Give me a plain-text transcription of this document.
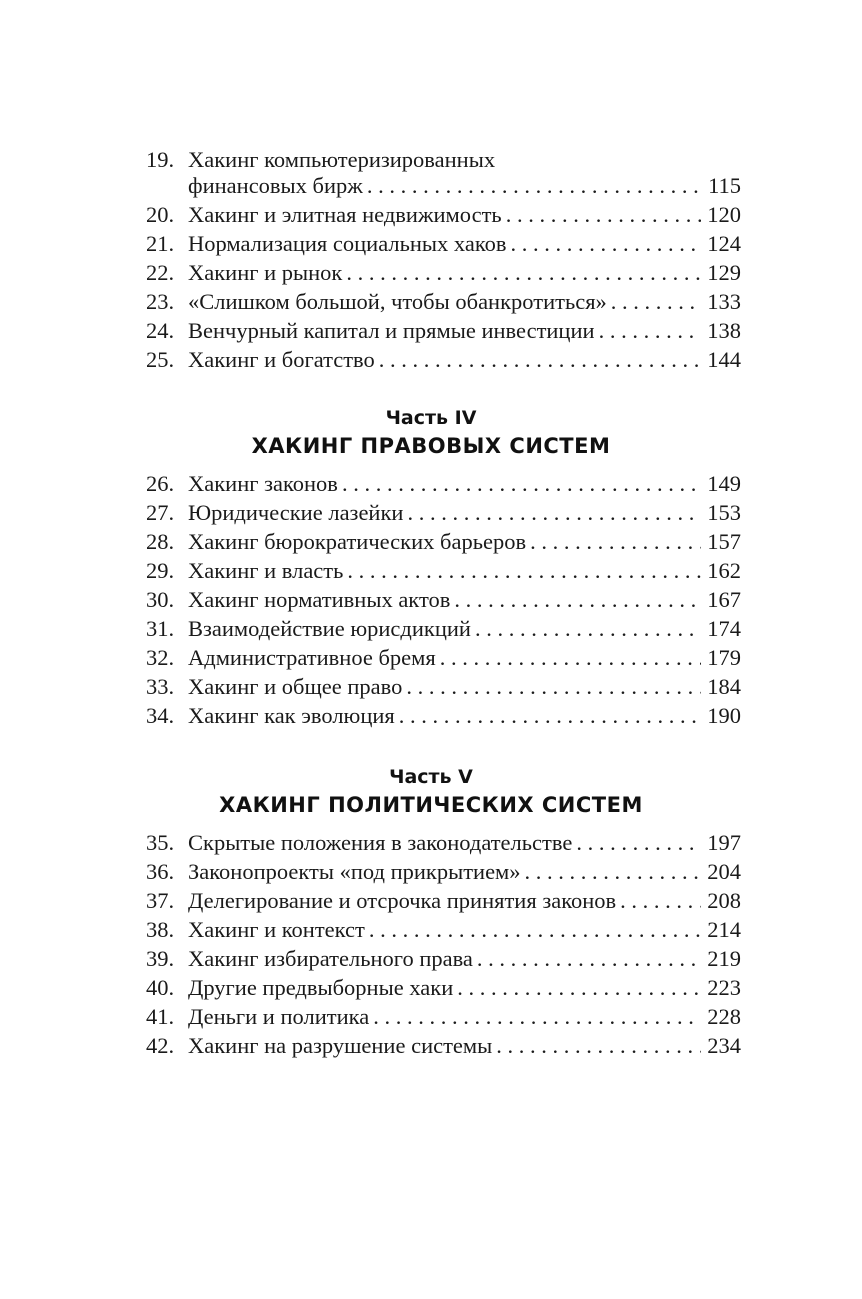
19. Хакинг компьютеризированных
финансовых бирж . . .	115
20. Хакинг и элитная недвижимость . . .	120
21. Нормализация социальных хаков . . .	124
22. Хакинг и рынок . . .	129
23. «Слишком большой, чтобы обанкротиться» . . .	133
24. Венчурный капитал и прямые инвестиции . . .	138
25. Хакинг и богатство . . .	144
Часть IV
ХАКИНГ ПРАВОВЫХ СИСТЕМ
26. Хакинг законов . . .	149
27. Юридические лазейки . . .	153
28. Хакинг бюрократических барьеров . . .	157
29. Хакинг и власть . . .	162
30. Хакинг нормативных актов . . .	167
31. Взаимодействие юрисдикций . . .	174
32. Административное бремя . . .	179
33. Хакинг и общее право . . .	184
34. Хакинг как эволюция . . .	190
Часть V
ХАКИНГ ПОЛИТИЧЕСКИХ СИСТЕМ
35. Скрытые положения в законодательстве . . .	197
36. Законопроекты «под прикрытием» . . .	204
37. Делегирование и отсрочка принятия законов . . .	208
38. Хакинг и контекст . . .	214
39. Хакинг избирательного права . . .	219
40. Другие предвыборные хаки . . .	223
41. Деньги и политика . . .	228
42. Хакинг на разрушение системы . . .	234
